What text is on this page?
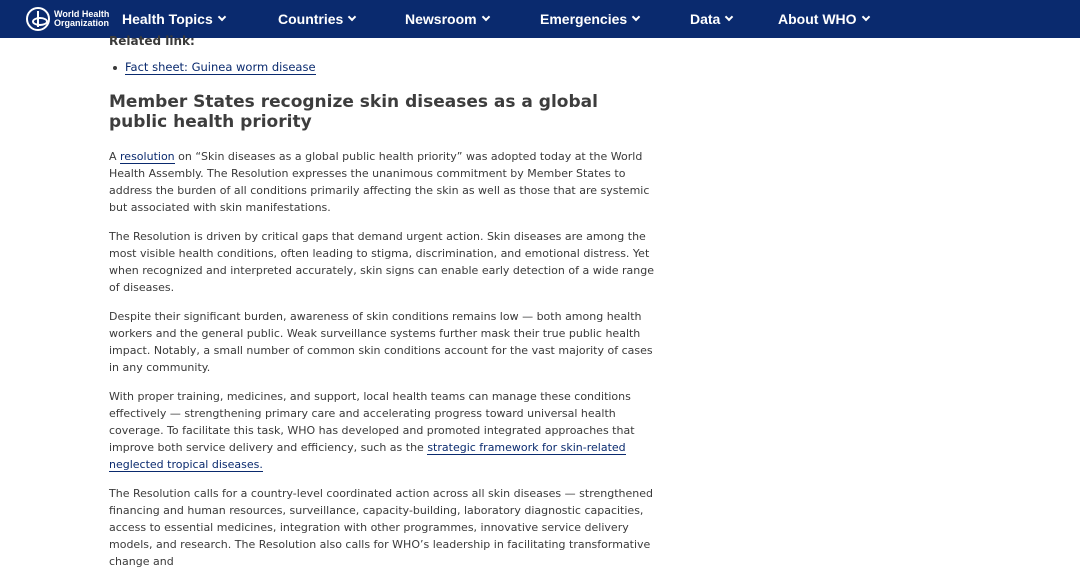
World Health
Organization Health Topics	Countries	Newsroom	Emergencies	Data	About WHO
Related link:
Fact sheet: Guinea worm disease
Member States recognize skin diseases as a global public health priority

A resolution on “Skin diseases as a global public health priority” was adopted today at the World Health Assembly. The Resolution expresses the unanimous commitment by Member States to address the burden of all conditions primarily affecting the skin as well as those that are systemic but associated with skin manifestations.

The Resolution is driven by critical gaps that demand urgent action. Skin diseases are among the most visible health conditions, often leading to stigma, discrimination, and emotional distress. Yet when recognized and interpreted accurately, skin signs can enable early detection of a wide range of diseases.

Despite their significant burden, awareness of skin conditions remains low — both among health workers and the general public. Weak surveillance systems further mask their true public health impact. Notably, a small number of common skin conditions account for the vast majority of cases in any community.

With proper training, medicines, and support, local health teams can manage these conditions effectively — strengthening primary care and accelerating progress toward universal health coverage. To facilitate this task, WHO has developed and promoted integrated approaches that improve both service delivery and efficiency, such as the strategic framework for skin-related neglected tropical diseases.

The Resolution calls for a country-level coordinated action across all skin diseases — strengthened financing and human resources, surveillance, capacity-building, laboratory diagnostic capacities, access to essential medicines, integration with other programmes, innovative service delivery models, and research. The Resolution also calls for WHO’s leadership in facilitating transformative change and
